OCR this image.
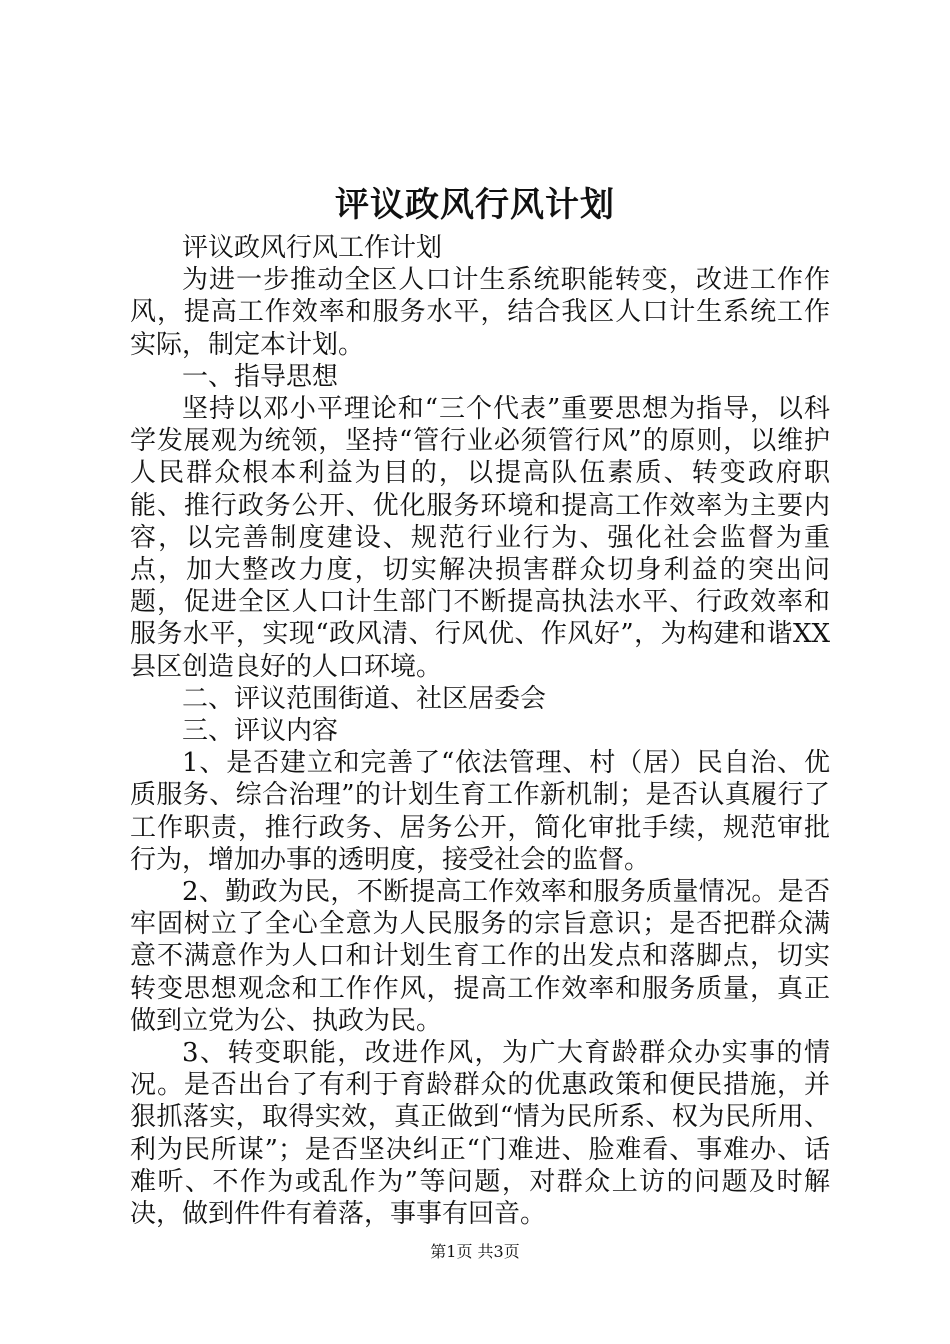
评议政风行风计划

评议政风行风工作计划

为进一步推动全区人口计生系统职能转变，改进工作作风，提高工作效率和服务水平，结合我区人口计生系统工作实际，制定本计划。

一、指导思想

坚持以邓小平理论和“三个代表”重要思想为指导，以科学发展观为统领，坚持“管行业必须管行风”的原则，以维护人民群众根本利益为目的，以提高队伍素质、转变政府职能、推行政务公开、优化服务环境和提高工作效率为主要内容，以完善制度建设、规范行业行为、强化社会监督为重点，加大整改力度，切实解决损害群众切身利益的突出问题，促进全区人口计生部门不断提高执法水平、行政效率和服务水平，实现“政风清、行风优、作风好”，为构建和谐XX县区创造良好的人口环境。

二、评议范围街道、社区居委会

三、评议内容

1、是否建立和完善了“依法管理、村（居）民自治、优质服务、综合治理”的计划生育工作新机制；是否认真履行了工作职责，推行政务、居务公开，简化审批手续，规范审批行为，增加办事的透明度，接受社会的监督。

2、勤政为民，不断提高工作效率和服务质量情况。是否牢固树立了全心全意为人民服务的宗旨意识；是否把群众满意不满意作为人口和计划生育工作的出发点和落脚点，切实转变思想观念和工作作风，提高工作效率和服务质量，真正做到立党为公、执政为民。

3、转变职能，改进作风，为广大育龄群众办实事的情况。是否出台了有利于育龄群众的优惠政策和便民措施，并狠抓落实，取得实效，真正做到“情为民所系、权为民所用、利为民所谋”；是否坚决纠正“门难进、脸难看、事难办、话难听、不作为或乱作为”等问题，对群众上访的问题及时解决，做到件件有着落，事事有回音。

第1页 共3页
